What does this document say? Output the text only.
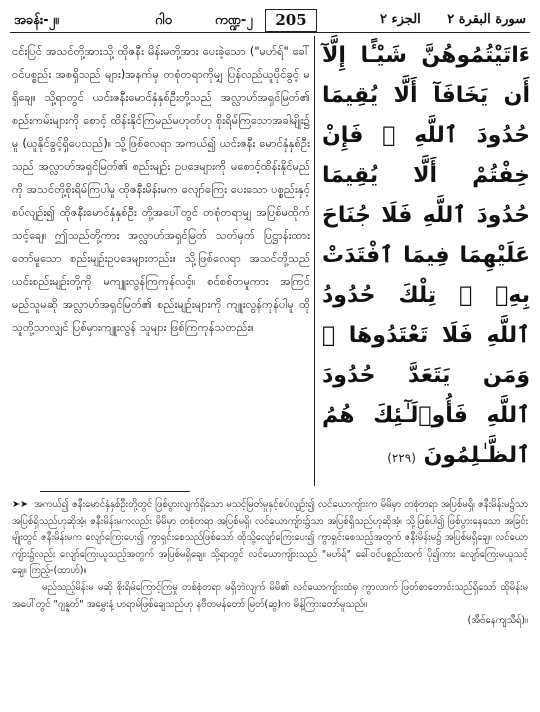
အခန်း-၂။	ဂါ၀	ကဏ္ဍ-၂	205	الجزء ٢ سورة البقرة ٢
ငင်းပြင် အသင်တို့အားသို့ ထိုဇနီး မိန်းမတို့အား ပေးခဲ့သော ("မဟ်ရ်" ခေါ်ဝင်ပစ္စည်း အစရှိသည် များ)အနက်မှ တစုံတရာကိုမျှ ပြန်လည်ယူပိုင်ခွင့် မရှိချေ။ သို့ရာတွင် ယင်းဇနီးမောင်နှံနှစ်ဦးတို့သည် အလ္လာဟ်အရှင်မြတ်၏ စည်းကမ်းများကို စောင့် ထိန်းနိုင်ကြမည်မဟုတ်ဟု စိုးရိမ်ကြသောအခါမျိုး၌ မူ (ယူနိုင်ခွင့်ရှိပေသည်)။ သို့ဖြစ်လေရာ အကယ်၍ ယင်းဇနီး မောင်နှံနှစ်ဦးသည် အလ္လာဟ်အရှင်မြတ်၏ စည်းမျဉ်း ဥပဒေများကို မစောင့်ထိန်းနိုင်မည်ကို အသင်တို့စိုးရိမ်ကြပါမူ ထိုဇနီးမိန်းမက လျော်ကြေး ပေးသော ပစ္စည်းနှင့်စပ်လျဉ်း၍ ထိုဇနီးမောင်နှံနှစ်ဦး တို့အပေါ်တွင် တစုံတရာမျှ အပြစ်မထိုက်သင့်ချေ။ ဤသည်တို့ကား အလ္လာဟ်အရှင်မြတ် သတ်မှတ် ပြဋ္ဌာန်းထားတော်မူသော စည်းမျဉ်းဥပဒေများတည်း။ သို့ဖြစ်လေရာ အသင်တို့သည် ယင်းစည်းမျဉ်းတို့ကို မကျူးလွန်ကြကုန်လင့်။ စင်စစ်တမူကား အကြင် မည်သူမဆို အလ္လာဟ်အရှင်မြတ်၏ စည်းမျဉ်းများကို ကျူးလွန်ကုန်ပါမူ ထိုသူတို့သာလျှင် ပြစ်မှားကျူးလွန် သူများ ဖြစ်ကြကုန်သတည်း။
ءَاتَيْتُمُوهُنَّ شَيْـًٔا إِلَّآ أَن يَخَافَآ أَلَّا يُقِيمَا حُدُودَ ٱللَّهِ ۖ فَإِنْ خِفْتُمْ أَلَّا يُقِيمَا حُدُودَ ٱللَّهِ فَلَا جُنَاحَ عَلَيْهِمَا فِيمَا ٱفْتَدَتْ بِهِۦ ۗ تِلْكَ حُدُودُ ٱللَّهِ فَلَا تَعْتَدُوهَا ۚ وَمَن يَتَعَدَّ حُدُودَ ٱللَّهِ فَأُو۟لَـٰٓئِكَ هُمُ ٱلظَّـٰلِمُونَ (٢٢٩)

➤➤ အကယ်၍ ဇနီးမောင်နှံနှစ်ဦးတို့တွင် ဖြစ်ပွားလျက်ရှိသော မသင့်မြတ်မှုနှင့်စပ်လျဉ်း၍ လင်ယောကျ်ားက မိမိမှာ တစုံတရာ အပြစ်မရှိ၊ ဇနီးမိန်းမ၌သာ အပြစ်ရှိသည်ဟုဆိုအံ့၊ ဇနီးမိန်းမကလည်း မိမိမှာ တစုံတရာ အပြစ်မရှိ၊ လင်ယောကျ်ား၌သာ အပြစ်ရှိသည်ဟုဆိုအံ့၊ သို့ဖြစ်ပါ၍ ဖြစ်ပွားနေသော အခြင်းမျိုးတွင် ဇနီးမိန်းမက လျော်ကြေးပေး၍ ကွာရှင်းစေသည်ဖြစ်သော် ထိုသို့လျော်ကြေးပေး၍ ကွာရှင်းစေသည့်အတွက် ဇနီးမိန်းမ၌ အပြစ်မရှိချေ။ လင်ယောကျ်ား၌လည်း လျော်ကြေးယူသည့်အတွက် အပြစ်မရှိချေ။ သို့ရာတွင် လင်ယောကျ်ားသည် "မဟ်ရ်" ခေါ်ဝင်ပစ္စည်းထက် ပို၍ကား လျော်ကြေးမယူသင့်ချေ။ ကြည့်-(ထာဟ်)။

မည်သည့်မိန်းမ မဆို စိုးရိမ်ကြောင့်ကြမှု တစ်စုံတရာ မရှိဘဲလျက် မိမိ၏ လင်ယောကျ်ားထံမှ ကွာလာက် ဖြတ်စာတောင်းသည်ရှိသော် ထိုမိန်းမအပေါ်တွင် "ဂျန္နတ်" အမွှေးနံ့ ဟရာမ်ဖြစ်ချေသည်ဟု နဗီတမန်တော် မြတ်(ဆွ)က မိန့်ကြားတော်မူသည်။
(အီဗ်နေကျသီရ်)။
